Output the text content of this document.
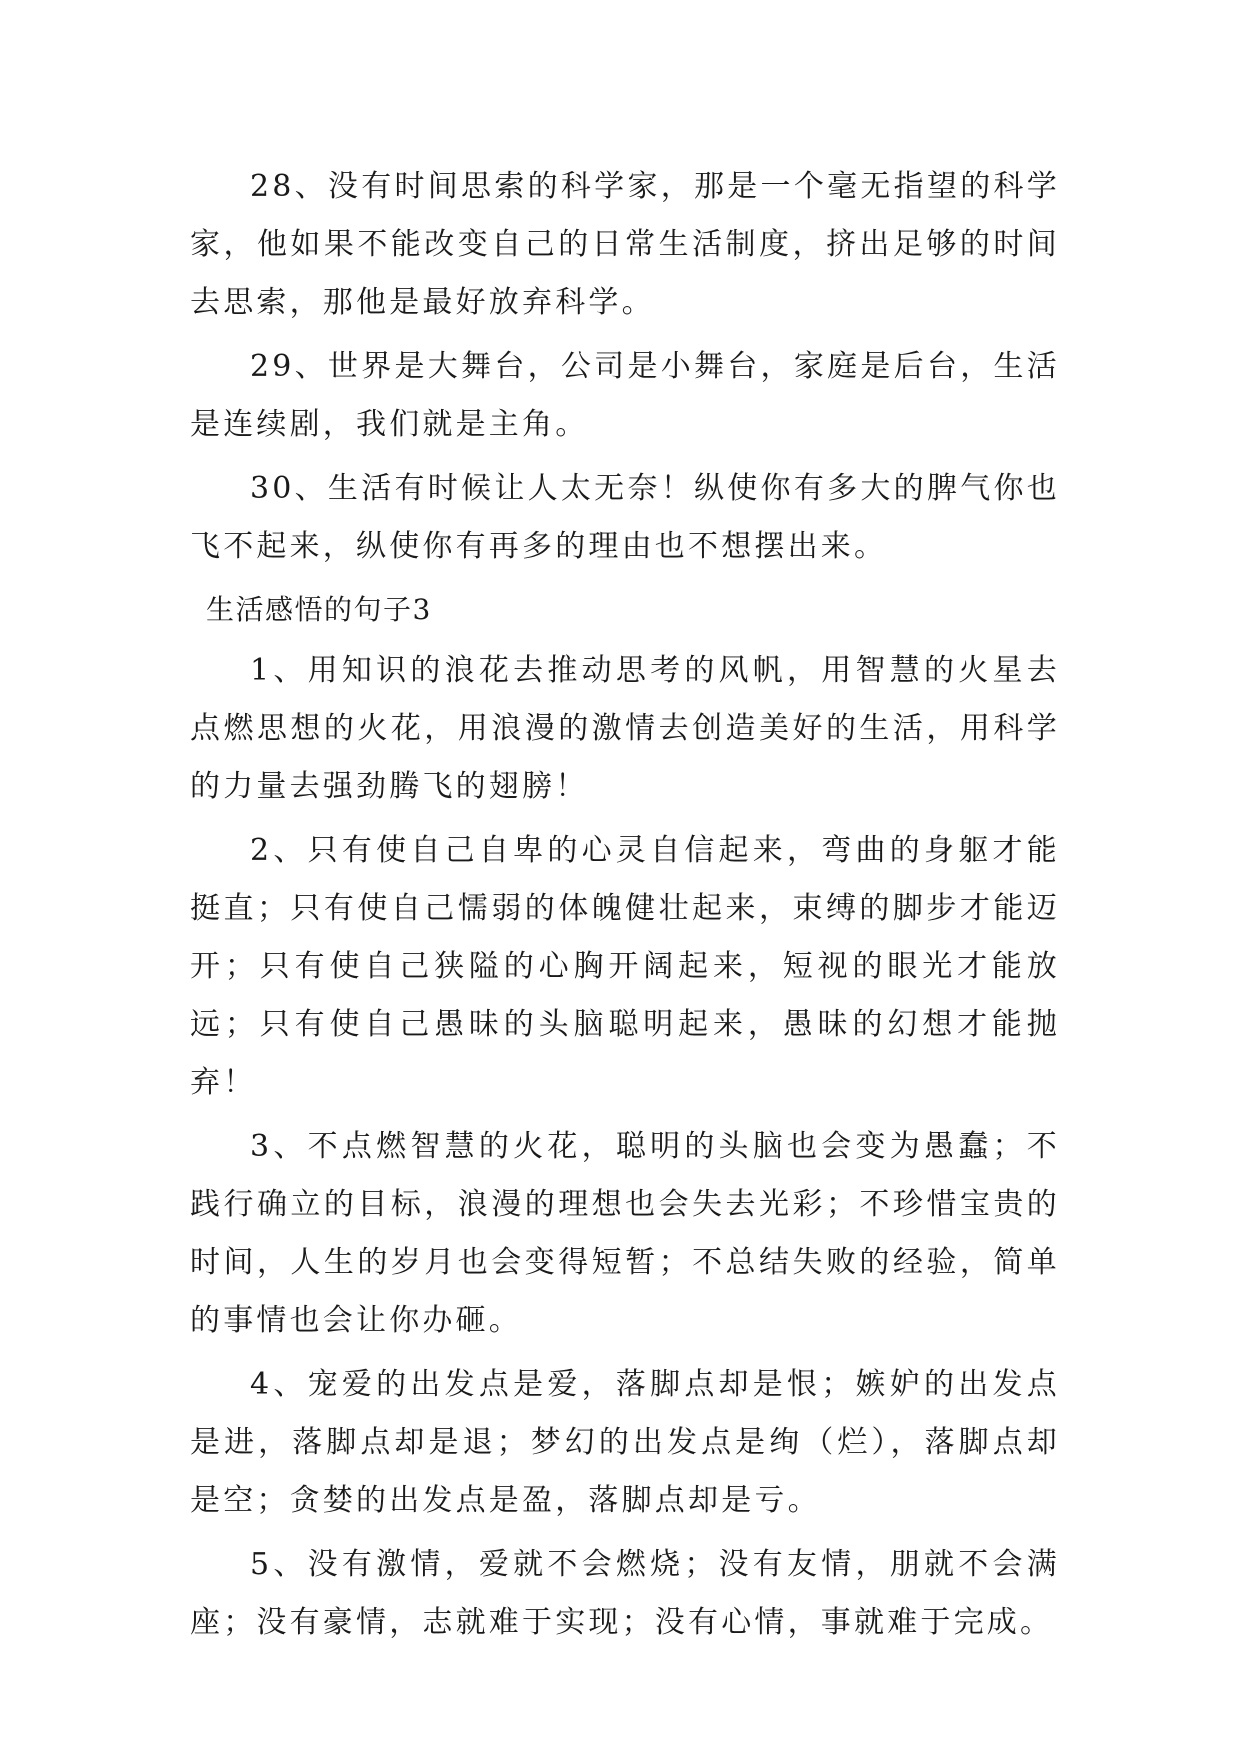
28、没有时间思索的科学家，那是一个毫无指望的科学家，他如果不能改变自己的日常生活制度，挤出足够的时间去思索，那他是最好放弃科学。

29、世界是大舞台，公司是小舞台，家庭是后台，生活是连续剧，我们就是主角。

30、生活有时候让人太无奈！纵使你有多大的脾气你也飞不起来，纵使你有再多的理由也不想摆出来。

生活感悟的句子3

1、用知识的浪花去推动思考的风帆，用智慧的火星去点燃思想的火花，用浪漫的激情去创造美好的生活，用科学的力量去强劲腾飞的翅膀！

2、只有使自己自卑的心灵自信起来，弯曲的身躯才能挺直；只有使自己懦弱的体魄健壮起来，束缚的脚步才能迈开；只有使自己狭隘的心胸开阔起来，短视的眼光才能放远；只有使自己愚昧的头脑聪明起来，愚昧的幻想才能抛弃！

3、不点燃智慧的火花，聪明的头脑也会变为愚蠢；不践行确立的目标，浪漫的理想也会失去光彩；不珍惜宝贵的时间，人生的岁月也会变得短暂；不总结失败的经验，简单的事情也会让你办砸。

4、宠爱的出发点是爱，落脚点却是恨；嫉妒的出发点是进，落脚点却是退；梦幻的出发点是绚（烂），落脚点却是空；贪婪的出发点是盈，落脚点却是亏。

5、没有激情，爱就不会燃烧；没有友情，朋就不会满座；没有豪情，志就难于实现；没有心情，事就难于完成。
